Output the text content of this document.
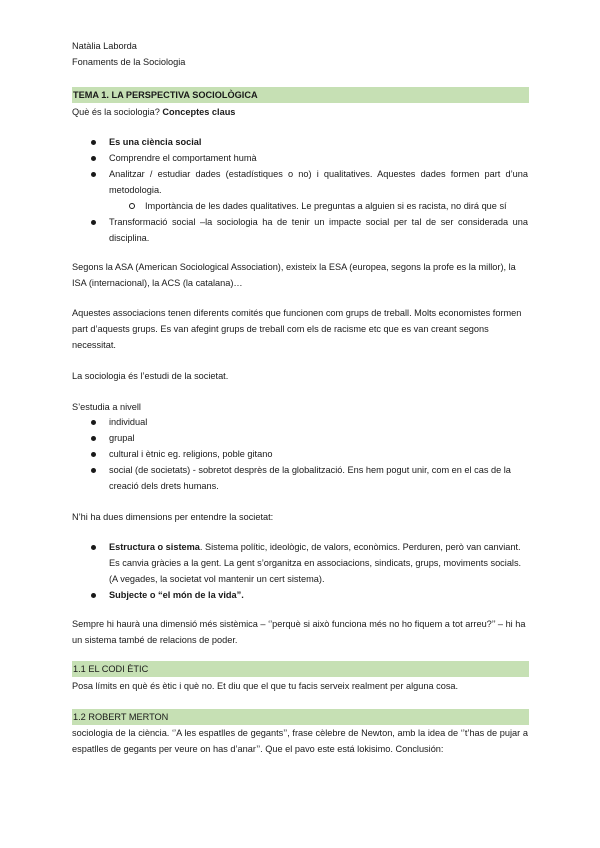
Natàlia Laborda
Fonaments de la Sociologia
TEMA 1. LA PERSPECTIVA SOCIOLÒGICA
Què és la sociologia? Conceptes claus
Es una ciència social
Comprendre el comportament humà
Analitzar / estudiar dades (estadístiques o no) i qualitatives. Aquestes dades formen part d’una metodologia.
Importància de les dades qualitatives. Le preguntas a alguien si es racista, no dirá que sí
Transformació social –la sociologia ha de tenir un impacte social per tal de ser considerada una disciplina.
Segons la ASA (American Sociological Association), existeix la ESA (europea, segons la profe es la millor), la ISA (internacional), la ACS (la catalana)…
Aquestes associacions tenen diferents comités que funcionen com grups de treball. Molts economistes formen part d’aquests grups. Es van afegint grups de treball com els de racisme etc que es van creant segons necessitat.
La sociologia és l’estudi de la societat.
S’estudia a nivell
individual
grupal
cultural i ètnic eg. religions, poble gitano
social (de societats) - sobretot desprès de la globalització. Ens hem pogut unir, com en el cas de la creació dels drets humans.
N’hi ha dues dimensions per entendre la societat:
Estructura o sistema. Sistema polític, ideològic, de valors, econòmics. Perduren, però van canviant. Es canvia gràcies a la gent. La gent s’organitza en associacions, sindicats, grups, moviments socials. (A vegades, la societat vol mantenir un cert sistema).
Subjecte o “el món de la vida”.
Sempre hi haurà una dimensió més sistèmica – ‘’perquè si això funciona més no ho fiquem a tot arreu?’’ – hi ha un sistema també de relacions de poder.
1.1 EL CODI ÈTIC
Posa límits en què és ètic i què no. Et diu que el que tu facis serveix realment per alguna cosa.
1.2 ROBERT MERTON
sociologia de la ciència. ‘’A les espatlles de gegants’’, frase cèlebre de Newton, amb la idea de ‘’t’has de pujar a espatlles de gegants per veure on has d’anar’’. Que el pavo este está lokisimo. Conclusión:
